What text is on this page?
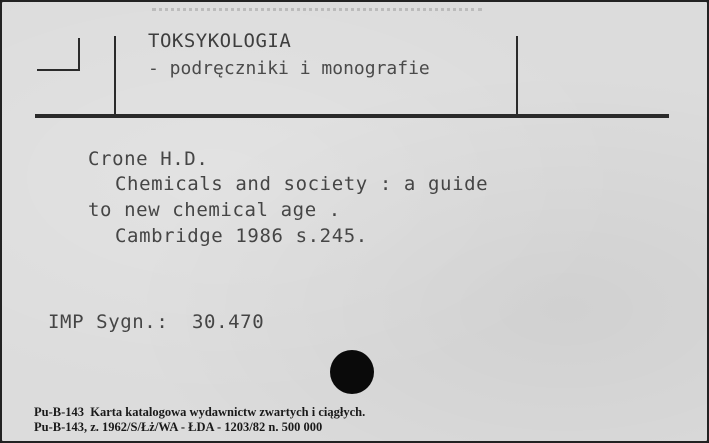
TOKSYKOLOGIA
- podręczniki i monografie
Crone H.D.
Chemicals and society : a guide
to new chemical age .
Cambridge 1986 s.245.
IMP Sygn.: 30.470
Pu-B-143  Karta katalogowa wydawnictw zwartych i ciągłych.
Pu-B-143, z. 1962/S/Łż/WA - ŁDA - 1203/82 n. 500 000
